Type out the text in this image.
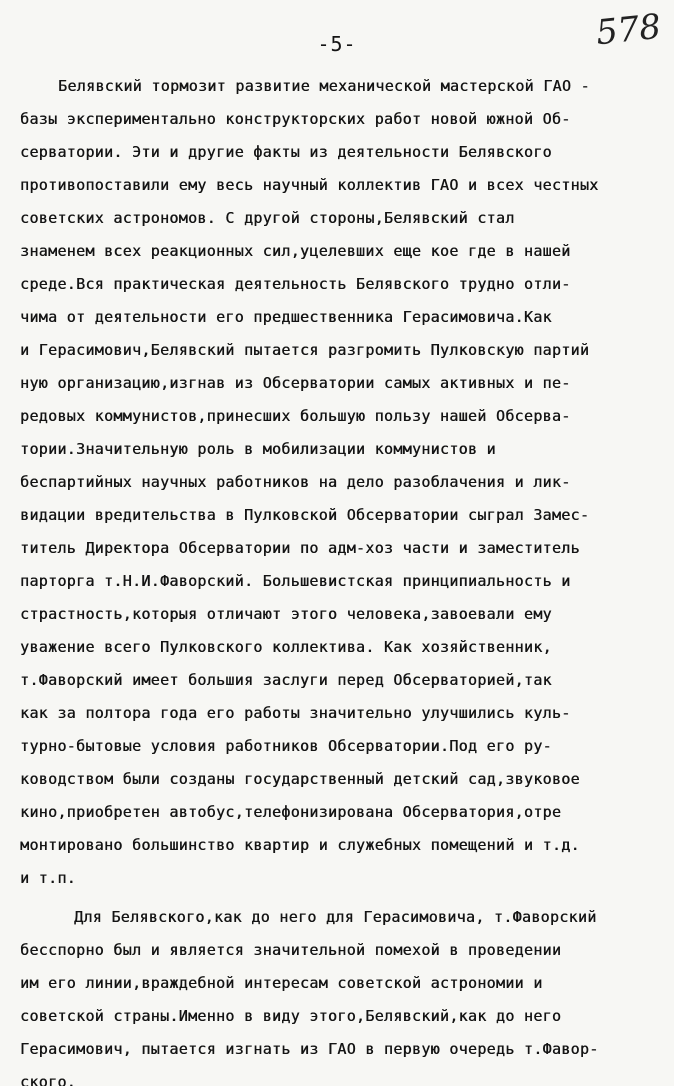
-5-	578
Белявский тормозит развитие механической мастерской ГАО -
базы экспериментально конструкторских работ новой южной Об-
серватории. Эти и другие факты из деятельности Белявского
противопоставили ему весь научный коллектив ГАО и всех честных
советских астрономов. С другой стороны,Белявский стал
знаменем всех реакционных сил,уцелевших еще кое где в нашей
среде.Вся практическая деятельность Белявского трудно отли-
чима от деятельности его предшественника Герасимовича.Как
и Герасимович,Белявский пытается разгромить Пулковскую партий
ную организацию,изгнав из Обсерватории самых активных и пе-
редовых коммунистов,принесших большую пользу нашей Обсерва-
тории.Значительную роль в мобилизации коммунистов и
беспартийных научных работников на дело разоблачения и лик-
видации вредительства в Пулковской Обсерватории сыграл Замес-
титель Директора Обсерватории по адм-хоз части и заместитель
парторга т.Н.И.Фаворский. Большевистская принципиальность и
страстность,которыя отличают этого человека,завоевали ему
уважение всего Пулковского коллектива. Как хозяйственник,
т.Фаворский имеет большия заслуги перед Обсерваторией,так
как за полтора года его работы значительно улучшились куль-
турно-бытовые условия работников Обсерватории.Под его ру-
ководством были созданы государственный детский сад,звуковое
кино,приобретен автобус,телефонизирована Обсерватория,отре
монтировано большинство квартир и служебных помещений и т.д.
и т.п.
Для Белявского,как до него для Герасимовича, т.Фаворский
бесспорно был и является значительной помехой в проведении
им его линии,враждебной интересам советской астрономии и
советской страны.Именно в виду этого,Белявский,как до него
Герасимович, пытается изгнать из ГАО в первую очередь т.Фавор-
ского.
